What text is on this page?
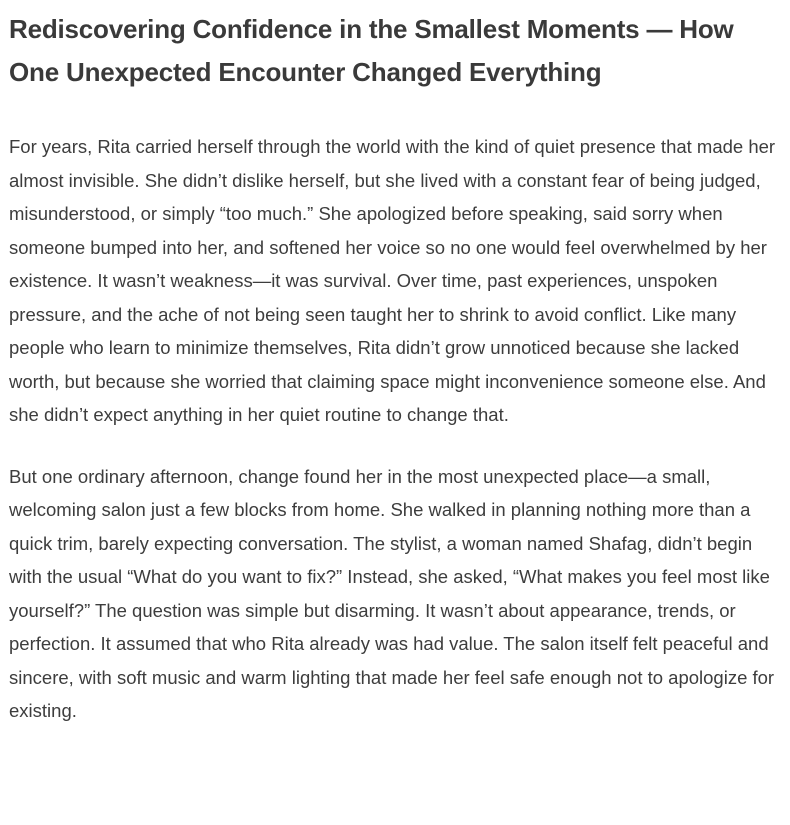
Rediscovering Confidence in the Smallest Moments — How One Unexpected Encounter Changed Everything

For years, Rita carried herself through the world with the kind of quiet presence that made her almost invisible. She didn’t dislike herself, but she lived with a constant fear of being judged, misunderstood, or simply “too much.” She apologized before speaking, said sorry when someone bumped into her, and softened her voice so no one would feel overwhelmed by her existence. It wasn’t weakness—it was survival. Over time, past experiences, unspoken pressure, and the ache of not being seen taught her to shrink to avoid conflict. Like many people who learn to minimize themselves, Rita didn’t grow unnoticed because she lacked worth, but because she worried that claiming space might inconvenience someone else. And she didn’t expect anything in her quiet routine to change that.

But one ordinary afternoon, change found her in the most unexpected place—a small, welcoming salon just a few blocks from home. She walked in planning nothing more than a quick trim, barely expecting conversation. The stylist, a woman named Shafag, didn’t begin with the usual “What do you want to fix?” Instead, she asked, “What makes you feel most like yourself?” The question was simple but disarming. It wasn’t about appearance, trends, or perfection. It assumed that who Rita already was had value. The salon itself felt peaceful and sincere, with soft music and warm lighting that made her feel safe enough not to apologize for existing.
